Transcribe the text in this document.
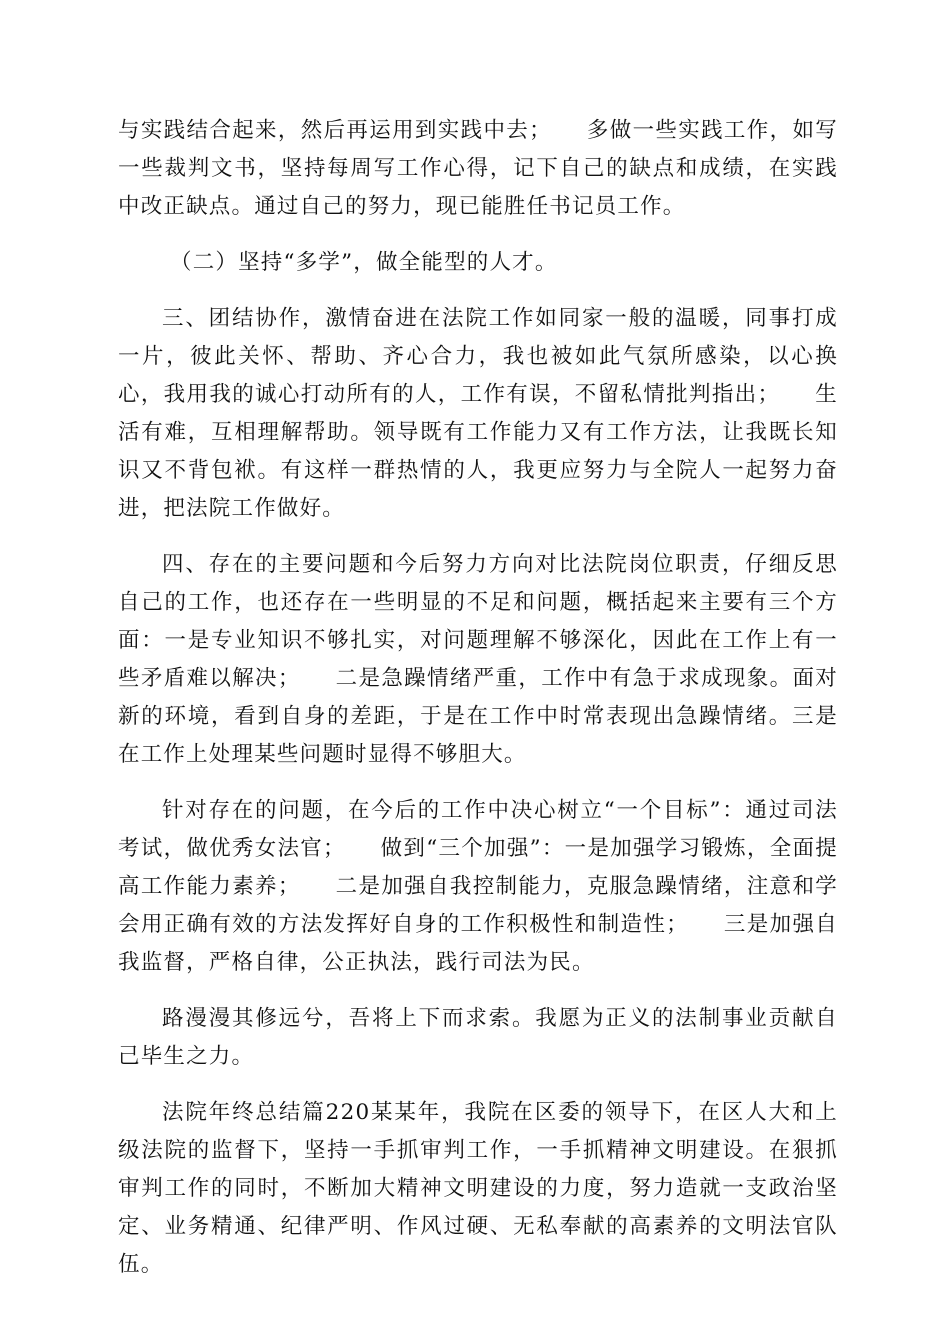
与实践结合起来，然后再运用到实践中去；　　多做一些实践工作，如写一些裁判文书，坚持每周写工作心得，记下自己的缺点和成绩，在实践中改正缺点。通过自己的努力，现已能胜任书记员工作。

（二）坚持“多学”，做全能型的人才。

三、团结协作，激情奋进在法院工作如同家一般的温暖，同事打成一片，彼此关怀、帮助、齐心合力，我也被如此气氛所感染，以心换心，我用我的诚心打动所有的人，工作有误，不留私情批判指出；　　生活有难，互相理解帮助。领导既有工作能力又有工作方法，让我既长知识又不背包袱。有这样一群热情的人，我更应努力与全院人一起努力奋进，把法院工作做好。

四、存在的主要问题和今后努力方向对比法院岗位职责，仔细反思自己的工作，也还存在一些明显的不足和问题，概括起来主要有三个方面：一是专业知识不够扎实，对问题理解不够深化，因此在工作上有一些矛盾难以解决；　　二是急躁情绪严重，工作中有急于求成现象。面对新的环境，看到自身的差距，于是在工作中时常表现出急躁情绪。三是在工作上处理某些问题时显得不够胆大。

针对存在的问题，在今后的工作中决心树立“一个目标”：通过司法考试，做优秀女法官；　　做到“三个加强”：一是加强学习锻炼，全面提高工作能力素养；　　二是加强自我控制能力，克服急躁情绪，注意和学会用正确有效的方法发挥好自身的工作积极性和制造性；　　三是加强自我监督，严格自律，公正执法，践行司法为民。

路漫漫其修远兮，吾将上下而求索。我愿为正义的法制事业贡献自己毕生之力。

法院年终总结篇220某某年，我院在区委的领导下，在区人大和上级法院的监督下，坚持一手抓审判工作，一手抓精神文明建设。在狠抓审判工作的同时，不断加大精神文明建设的力度，努力造就一支政治坚定、业务精通、纪律严明、作风过硬、无私奉献的高素养的文明法官队伍。
